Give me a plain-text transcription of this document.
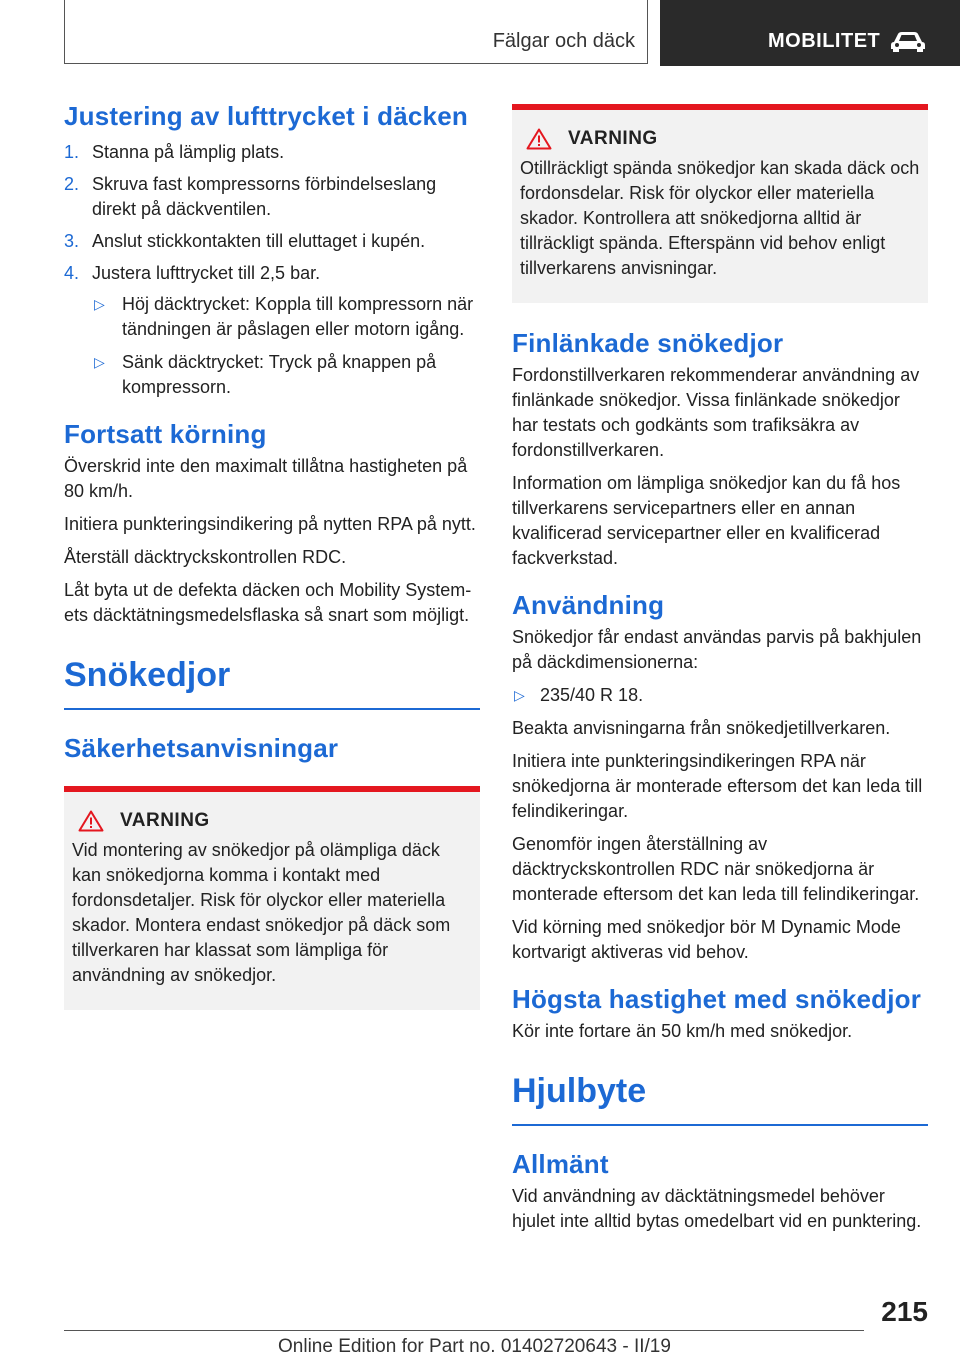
Fälgar och däck	MOBILITET
Justering av lufttrycket i däcken
1. Stanna på lämplig plats.
2. Skruva fast kompressorns förbindelseslang direkt på däckventilen.
3. Anslut stickkontakten till eluttaget i kupén.
4. Justera lufttrycket till 2,5 bar.
▷ Höj däcktrycket: Koppla till kompressorn när tändningen är påslagen eller motorn igång.
▷ Sänk däcktrycket: Tryck på knappen på kompressorn.
Fortsatt körning

Överskrid inte den maximalt tillåtna hastigheten på 80 km/h.

Initiera punkteringsindikering på nytten RPA på nytt.

Återställ däcktryckskontrollen RDC.

Låt byta ut de defekta däcken och Mobility Systemets däcktätningsmedelsflaska så snart som möjligt.

Snökedjor
Säkerhetsanvisningar
VARNING

Vid montering av snökedjor på olämpliga däck kan snökedjorna komma i kontakt med fordonsdetaljer. Risk för olyckor eller materiella skador. Montera endast snökedjor på däck som tillverkaren har klassat som lämpliga för användning av snökedjor.

VARNING

Otillräckligt spända snökedjor kan skada däck och fordonsdelar. Risk för olyckor eller materiella skador. Kontrollera att snökedjorna alltid är tillräckligt spända. Efterspänn vid behov enligt tillverkarens anvisningar.

Finlänkade snökedjor

Fordonstillverkaren rekommenderar användning av finlänkade snökedjor. Vissa finlänkade snökedjor har testats och godkänts som trafiksäkra av fordonstillverkaren.

Information om lämpliga snökedjor kan du få hos tillverkarens servicepartners eller en annan kvalificerad servicepartner eller en kvalificerad fackverkstad.

Användning

Snökedjor får endast användas parvis på bakhjulen på däckdimensionerna:

▷ 235/40 R 18.

Beakta anvisningarna från snökedjetillverkaren.

Initiera inte punkteringsindikeringen RPA när snökedjorna är monterade eftersom det kan leda till felindikeringar.

Genomför ingen återställning av däcktryckskontrollen RDC när snökedjorna är monterade eftersom det kan leda till felindikeringar.

Vid körning med snökedjor bör M Dynamic Mode kortvarigt aktiveras vid behov.

Högsta hastighet med snökedjor

Kör inte fortare än 50 km/h med snökedjor.

Hjulbyte
Allmänt

Vid användning av däcktätningsmedel behöver hjulet inte alltid bytas omedelbart vid en punktering.

215
Online Edition for Part no. 01402720643 - II/19
